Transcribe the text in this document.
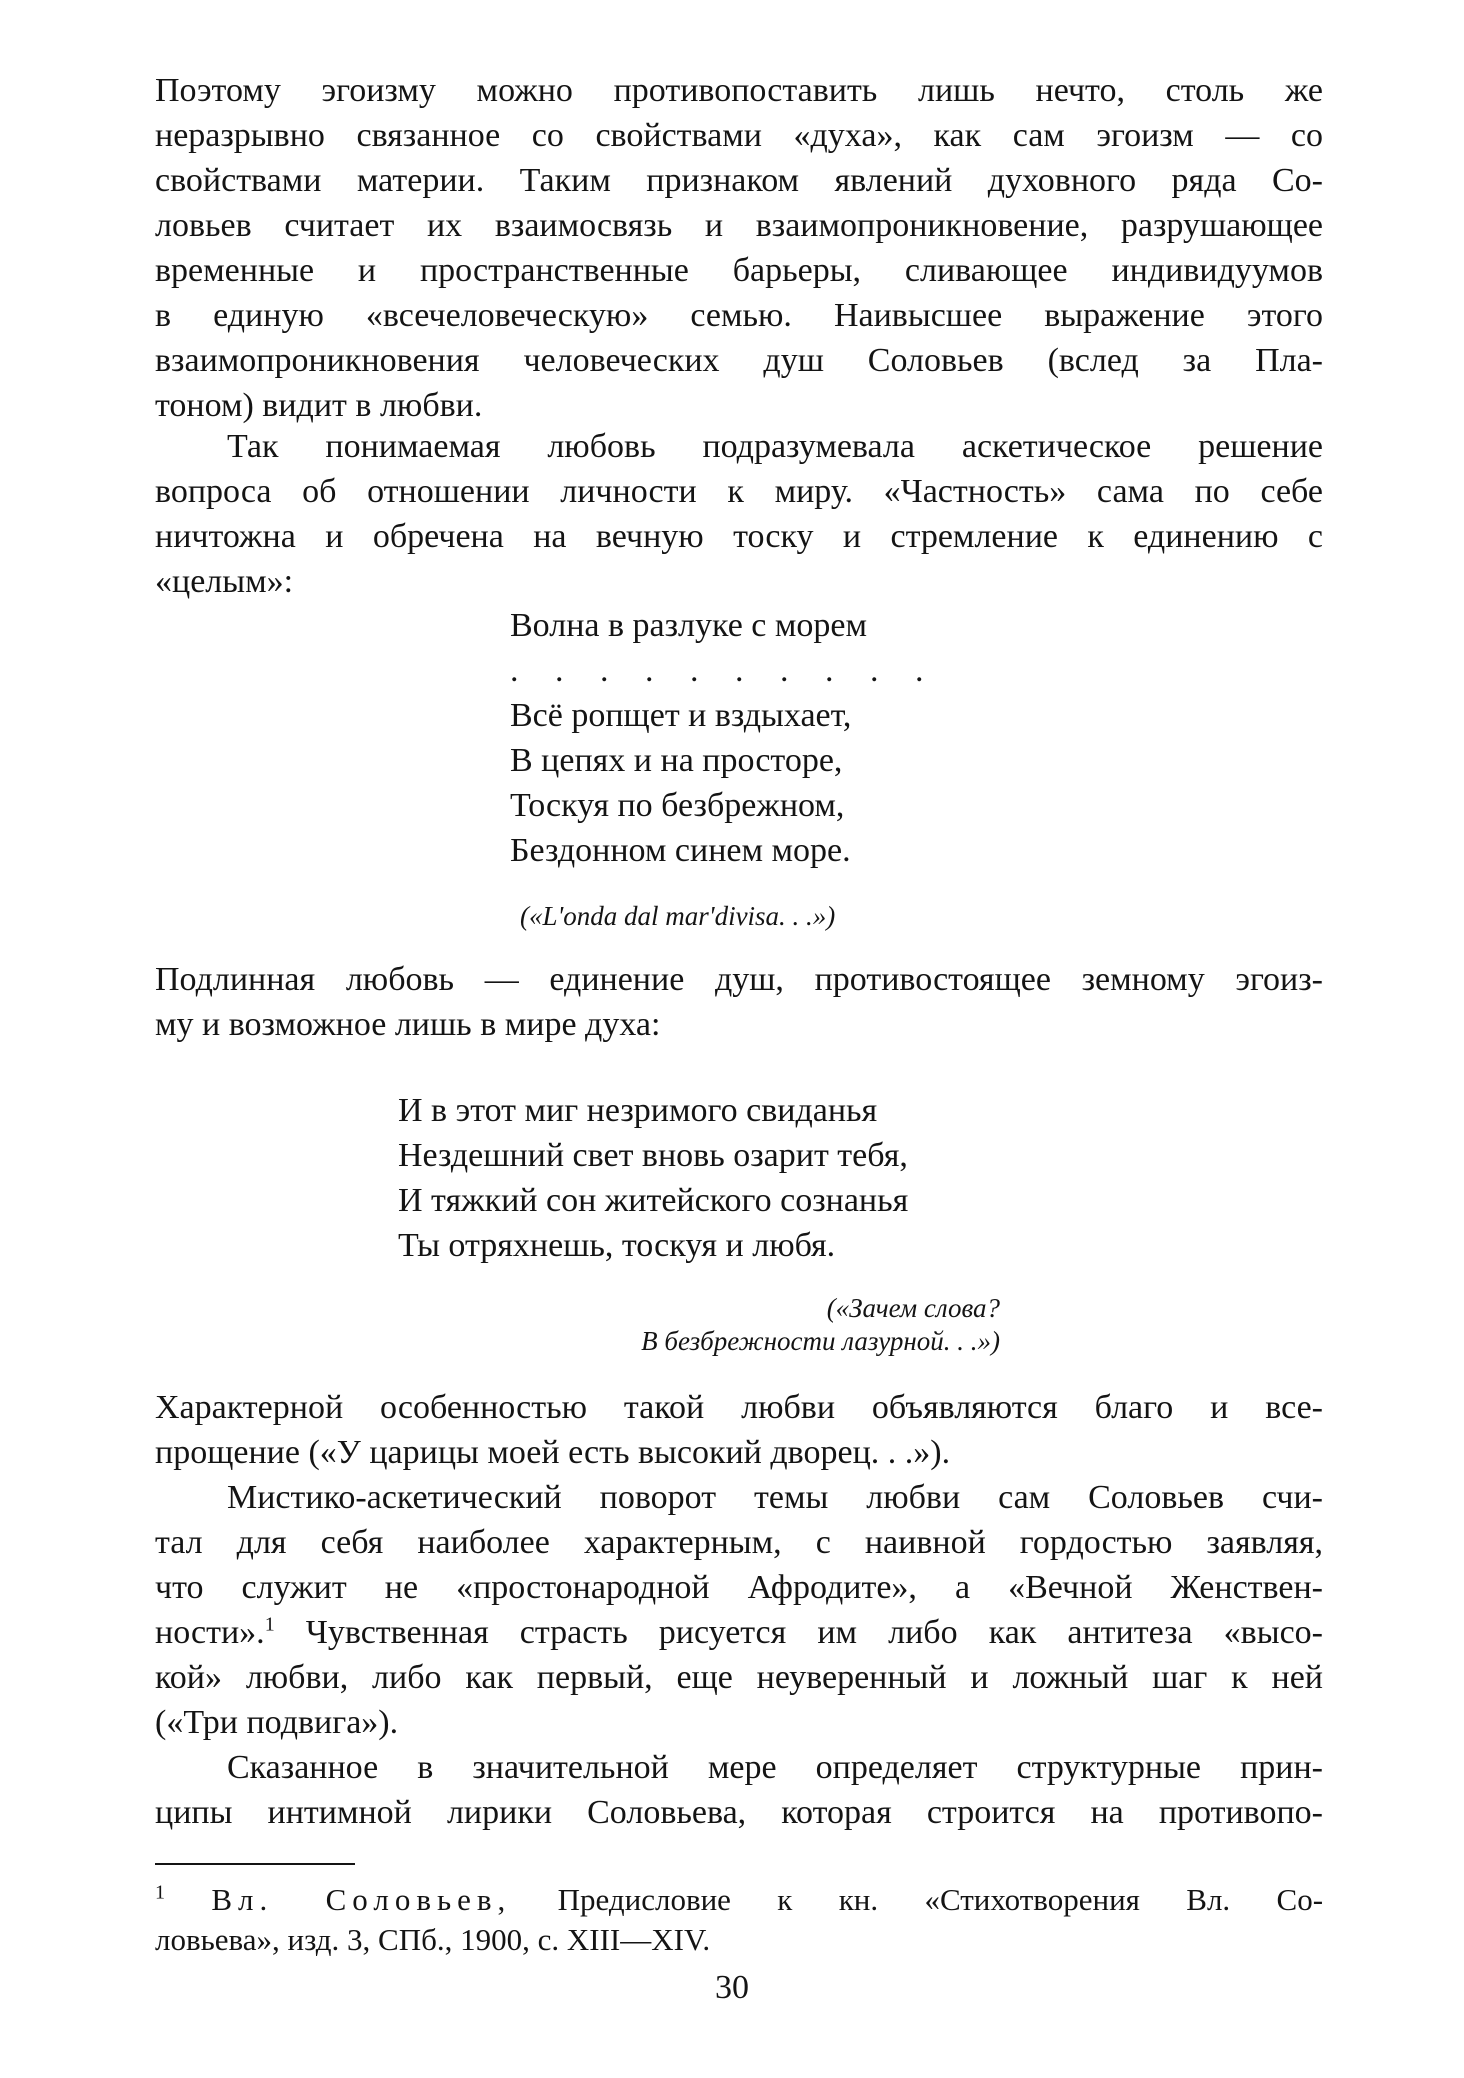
Поэтому эгоизму можно противопоставить лишь нечто, столь же
неразрывно связанное со свойствами «духа», как сам эгоизм — со
свойствами материи. Таким признаком явлений духовного ряда Со-
ловьев считает их взаимосвязь и взаимопроникновение, разрушающее
временные и пространственные барьеры, сливающее индивидуумов
в единую «всечеловеческую» семью. Наивысшее выражение этого
взаимопроникновения человеческих душ Соловьев (вслед за Пла-
тоном) видит в любви.
Так понимаемая любовь подразумевала аскетическое решение
вопроса об отношении личности к миру. «Частность» сама по себе
ничтожна и обречена на вечную тоску и стремление к единению с
«целым»:
Волна в разлуке с морем
. . . . . . . . . .
Всё ропщет и вздыхает,
В цепях и на просторе,
Тоскуя по безбрежном,
Бездонном синем море.
(«L'onda dal mar'divisa. . .»)
Подлинная любовь — единение душ, противостоящее земному эгоиз-
му и возможное лишь в мире духа:
И в этот миг незримого свиданья
Нездешний свет вновь озарит тебя,
И тяжкий сон житейского сознанья
Ты отряхнешь, тоскуя и любя.
(«Зачем слова?
В безбрежности лазурной. . .»)
Характерной особенностью такой любви объявляются благо и все-
прощение («У царицы моей есть высокий дворец. . .»).
Мистико-аскетический поворот темы любви сам Соловьев счи-
тал для себя наиболее характерным, с наивной гордостью заявляя,
что служит не «простонародной Афродите», а «Вечной Женствен-
ности».$^1$ Чувственная страсть рисуется им либо как антитеза «высо-
кой» любви, либо как первый, еще неуверенный и ложный шаг к ней
(«Три подвига»).
Сказанное в значительной мере определяет структурные прин-
ципы интимной лирики Соловьева, которая строится на противопо-
$^1$ Вл. Соловьев, Предисловие к кн. «Стихотворения Вл. Со-
ловьева», изд. 3, СПб., 1900, с. XIII—XIV.
30
